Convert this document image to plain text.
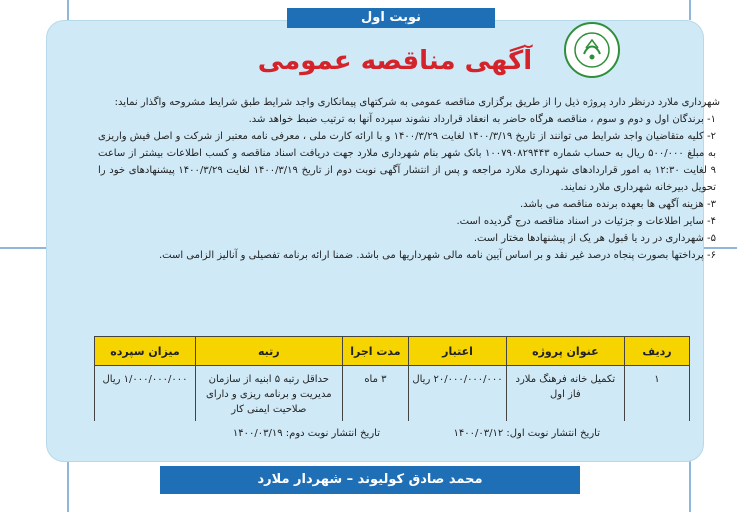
نوبت اول
آگهی مناقصه عمومی

شهرداری ملارد درنظر دارد پروژه ذیل را از طریق برگزاری مناقصه عمومی به شرکتهای پیمانکاری واجد شرایط طبق شرایط مشروحه واگذار نماید:

۱- برندگان اول و دوم و سوم ، مناقصه هرگاه حاضر به انعقاد قرارداد نشوند سپرده آنها به ترتیب ضبط خواهد شد.

۲- کلیه متقاضیان واجد شرایط می توانند از تاریخ ۱۴۰۰/۳/۱۹ لغایت ۱۴۰۰/۳/۲۹ و با ارائه کارت ملی ، معرفی نامه معتبر از شرکت و اصل فیش واریزی به مبلغ ۵۰۰/۰۰۰ ریال به حساب شماره ۱۰۰۷۹۰۸۲۹۴۴۳ بانک شهر بنام شهرداری ملارد جهت دریافت اسناد مناقصه و کسب اطلاعات بیشتر از ساعت ۹ لغایت ۱۲:۳۰ به امور قراردادهای شهرداری ملارد مراجعه و پس از انتشار آگهی نوبت دوم از تاریخ ۱۴۰۰/۳/۱۹ لغایت ۱۴۰۰/۳/۲۹ پیشنهادهای خود را تحویل دبیرخانه شهرداری ملارد نمایند.

۳- هزینه آگهی ها بعهده برنده مناقصه می باشد.

۴- سایر اطلاعات و جزئیات در اسناد مناقصه درج گردیده است.

۵- شهرداری در رد یا قبول هر یک از پیشنهادها مختار است.

۶- پرداختها بصورت پنجاه درصد غیر نقد و بر اساس آیین نامه مالی شهرداریها می باشد. ضمنا ارائه برنامه تفصیلی و آنالیز الزامی است.

ردیف	عنوان پروژه	اعتبار	مدت اجرا	رتبه	میزان سپرده
۱	تکمیل خانه فرهنگ ملارد فاز اول	۲۰/۰۰۰/۰۰۰/۰۰۰ ریال	۳ ماه	حداقل رتبه ۵ ابنیه از سازمان مدیریت و برنامه ریزی و دارای صلاحیت ایمنی کار	۱/۰۰۰/۰۰۰/۰۰۰ ریال
تاریخ انتشار نوبت اول: ۱۴۰۰/۰۳/۱۲
تاریخ انتشار نوبت دوم: ۱۴۰۰/۰۳/۱۹
محمد صادق کولیوند – شهردار ملارد
